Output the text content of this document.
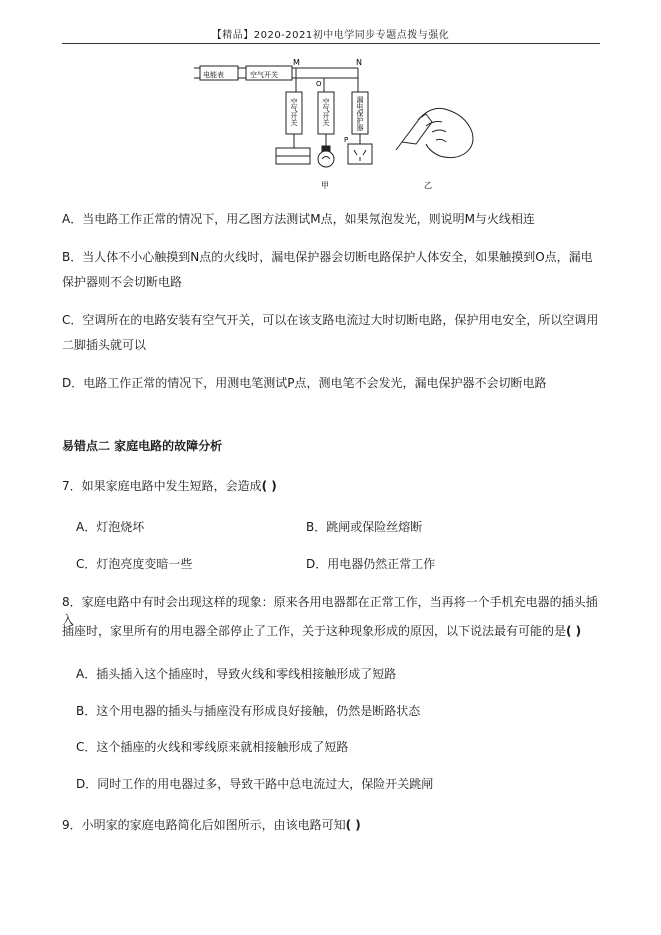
【精品】2020-2021初中电学同步专题点拨与强化
电能表	空气开关
M	N
O
P
空气开关	空气开关	漏电保护器
甲	乙
A．当电路工作正常的情况下，用乙图方法测试M点，如果氖泡发光，则说明M与火线相连
B．当人体不小心触摸到N点的火线时，漏电保护器会切断电路保护人体安全，如果触摸到O点，漏电
保护器则不会切断电路
C．空调所在的电路安装有空气开关，可以在该支路电流过大时切断电路，保护用电安全，所以空调用
二脚插头就可以
D．电路工作正常的情况下，用测电笔测试P点，测电笔不会发光，漏电保护器不会切断电路
易错点二 家庭电路的故障分析
7．如果家庭电路中发生短路，会造成( )
A．灯泡烧坏	B．跳闸或保险丝熔断
C．灯泡亮度变暗一些	D．用电器仍然正常工作
8．家庭电路中有时会出现这样的现象：原来各用电器都在正常工作，当再将一个手机充电器的插头插入
插座时，家里所有的用电器全部停止了工作，关于这种现象形成的原因，以下说法最有可能的是( )
A．插头插入这个插座时，导致火线和零线相接触形成了短路
B．这个用电器的插头与插座没有形成良好接触，仍然是断路状态
C．这个插座的火线和零线原来就相接触形成了短路
D．同时工作的用电器过多，导致干路中总电流过大，保险开关跳闸
9．小明家的家庭电路简化后如图所示，由该电路可知( )
